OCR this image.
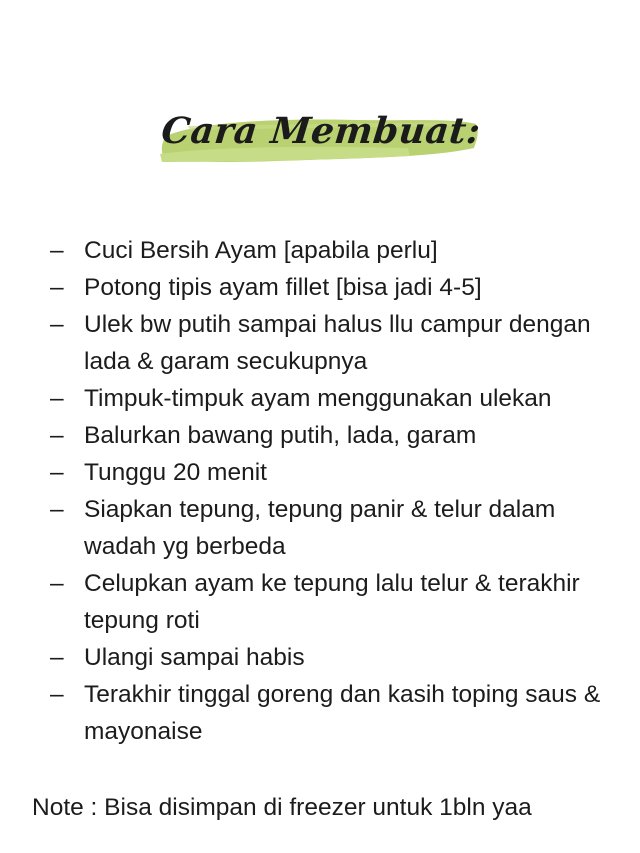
Cara Membuat:
– Cuci Bersih Ayam [apabila perlu]
– Potong tipis ayam fillet [bisa jadi 4-5]
– Ulek bw putih sampai halus llu campur dengan lada & garam secukupnya
– Timpuk-timpuk ayam menggunakan ulekan
– Balurkan bawang putih, lada, garam
– Tunggu 20 menit
– Siapkan tepung, tepung panir & telur dalam wadah yg berbeda
– Celupkan ayam ke tepung lalu telur & terakhir tepung roti
– Ulangi sampai habis
– Terakhir tinggal goreng dan kasih toping saus & mayonaise
Note : Bisa disimpan di freezer untuk 1bln yaa
